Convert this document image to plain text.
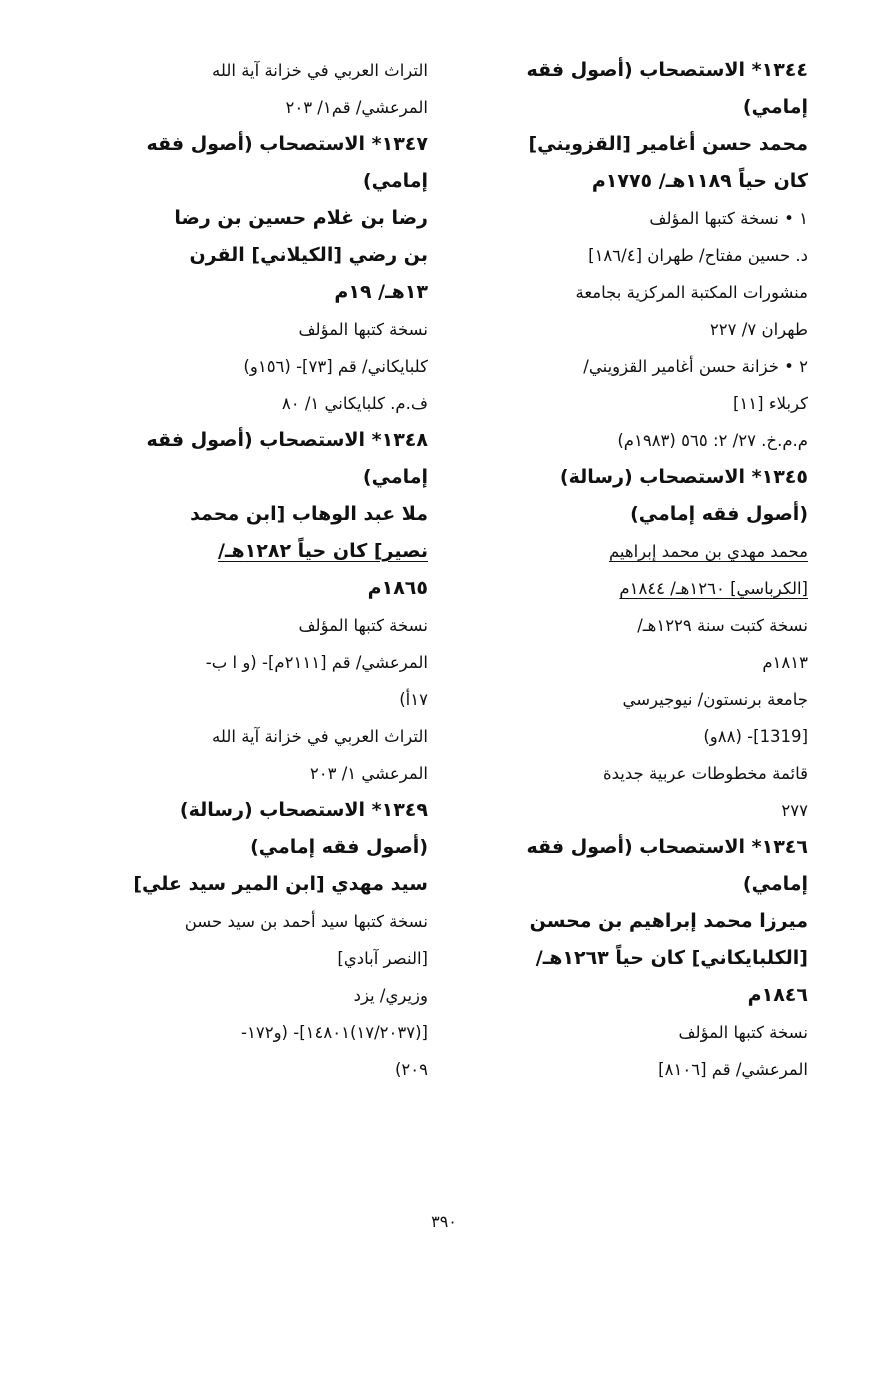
١٣٤٤* الاستصحاب (أصول فقه
إمامي)
محمد حسن أغامير [القزويني]
كان حياً ١١٨٩هـ/ ١٧٧٥م
١ • نسخة كتبها المؤلف
د. حسين مفتاح/ طهران [١٨٦/٤]
منشورات المكتبة المركزية بجامعة
طهران ٧/ ٢٢٧
٢ • خزانة حسن أغامير القزويني/
كربلاء [١١]
م.م.خ. ٢٧/ ٢: ٥٦٥ (١٩٨٣م)
١٣٤٥* الاستصحاب (رسالة)
(أصول فقه إمامي)
محمد مهدي بن محمد إبراهيم
[الكرباسي] ١٢٦٠هـ/ ١٨٤٤م
نسخة كتبت سنة ١٢٢٩هـ/
١٨١٣م
جامعة برنستون/ نيوجيرسي
[1319]- (٨٨و)
قائمة مخطوطات عربية جديدة
٢٧٧
١٣٤٦* الاستصحاب (أصول فقه
إمامي)
ميرزا محمد إبراهيم بن محسن
[الكلبايكاني] كان حياً ١٢٦٣هـ/
١٨٤٦م
نسخة كتبها المؤلف
المرعشي/ قم [٨١٠٦]
التراث العربي في خزانة آية الله
المرعشي/ قم١/ ٢٠٣
١٣٤٧* الاستصحاب (أصول فقه
إمامي)
رضا بن غلام حسين بن رضا
بن رضي [الكيلاني] القرن
١٣هـ/ ١٩م
نسخة كتبها المؤلف
كلبايكاني/ قم [٧٣]- (١٥٦و)
ف.م. كلبايكاني ١/ ٨٠
١٣٤٨* الاستصحاب (أصول فقه
إمامي)
ملا عبد الوهاب [ابن محمد
نصير] كان حياً ١٢٨٢هـ/
١٨٦٥م
نسخة كتبها المؤلف
المرعشي/ قم [٢١١١م]- (و ا ب-
١٧أ)
التراث العربي في خزانة آية الله
المرعشي ١/ ٢٠٣
١٣٤٩* الاستصحاب (رسالة)
(أصول فقه إمامي)
سيد مهدي [ابن المير سيد علي]
نسخة كتبها سيد أحمد بن سيد حسن
[النصر آبادي]
وزيري/ يزد
[(١٧/٢٠٣٧)١٤٨٠١]- (و١٧٢-
٢٠٩)
٣٩٠
